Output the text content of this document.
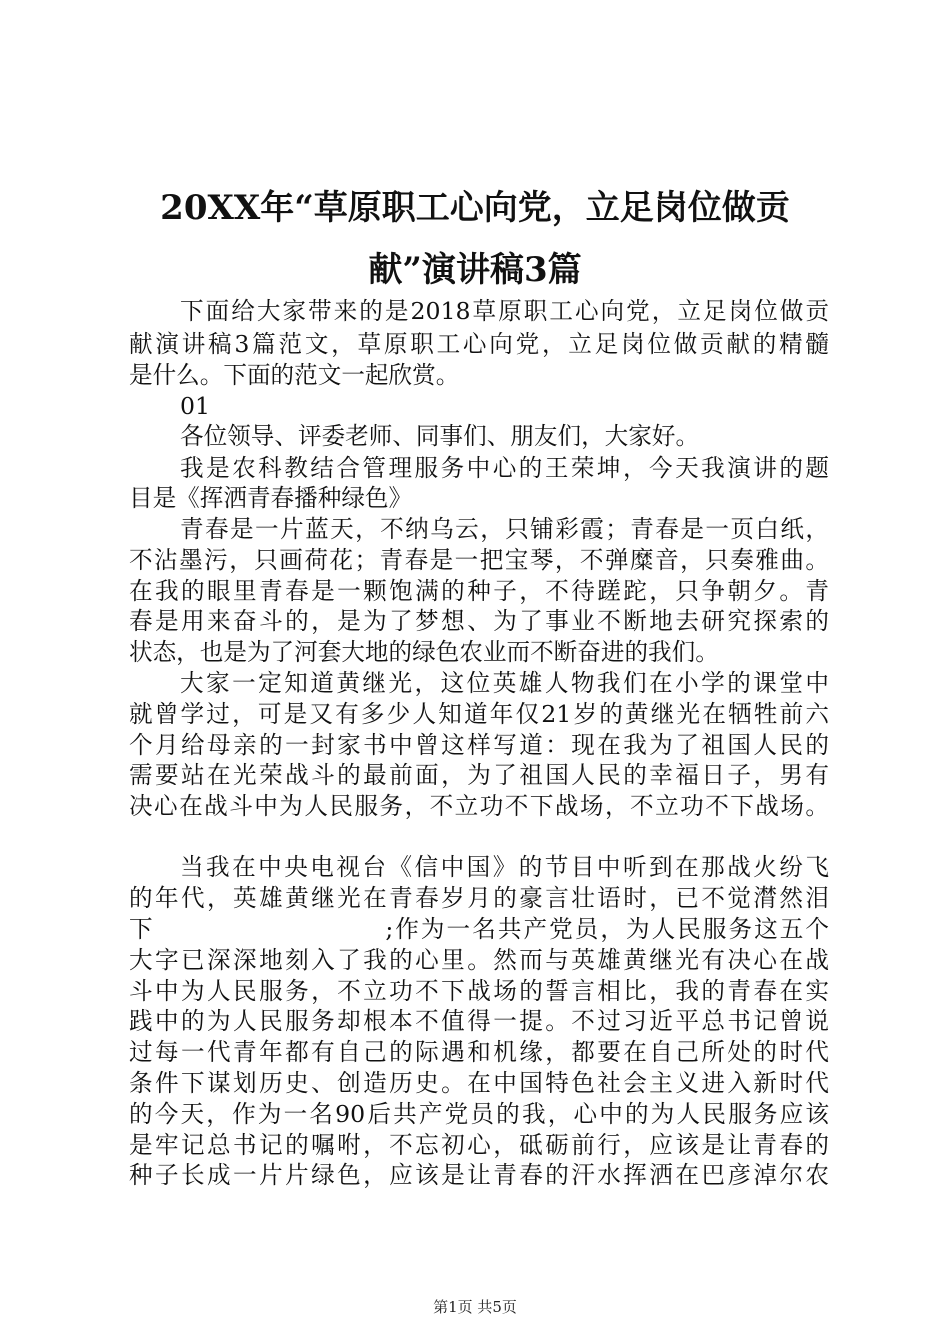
20XX年“草原职工心向党，立足岗位做贡
献”演讲稿3篇
下面给大家带来的是2018草原职工心向党，立足岗位做贡
献演讲稿3篇范文，草原职工心向党，立足岗位做贡献的精髓
是什么。下面的范文一起欣赏。
01
各位领导、评委老师、同事们、朋友们，大家好。
我是农科教结合管理服务中心的王荣坤，今天我演讲的题
目是《挥洒青春播种绿色》
青春是一片蓝天，不纳乌云，只铺彩霞；青春是一页白纸，
不沾墨污，只画荷花；青春是一把宝琴，不弹糜音，只奏雅曲。
在我的眼里青春是一颗饱满的种子，不待蹉跎，只争朝夕。青
春是用来奋斗的，是为了梦想、为了事业不断地去研究探索的
状态，也是为了河套大地的绿色农业而不断奋进的我们。
大家一定知道黄继光，这位英雄人物我们在小学的课堂中
就曾学过，可是又有多少人知道年仅21岁的黄继光在牺牲前六
个月给母亲的一封家书中曾这样写道：现在我为了祖国人民的
需要站在光荣战斗的最前面，为了祖国人民的幸福日子，男有
决心在战斗中为人民服务，不立功不下战场，不立功不下战场。
当我在中央电视台《信中国》的节目中听到在那战火纷飞
的年代，英雄黄继光在青春岁月的豪言壮语时，已不觉潸然泪
下　　　　　　　　　;作为一名共产党员，为人民服务这五个
大字已深深地刻入了我的心里。然而与英雄黄继光有决心在战
斗中为人民服务，不立功不下战场的誓言相比，我的青春在实
践中的为人民服务却根本不值得一提。不过习近平总书记曾说
过每一代青年都有自己的际遇和机缘，都要在自己所处的时代
条件下谋划历史、创造历史。在中国特色社会主义进入新时代
的今天，作为一名90后共产党员的我，心中的为人民服务应该
是牢记总书记的嘱咐，不忘初心，砥砺前行，应该是让青春的
种子长成一片片绿色，应该是让青春的汗水挥洒在巴彦淖尔农
第1页 共5页
